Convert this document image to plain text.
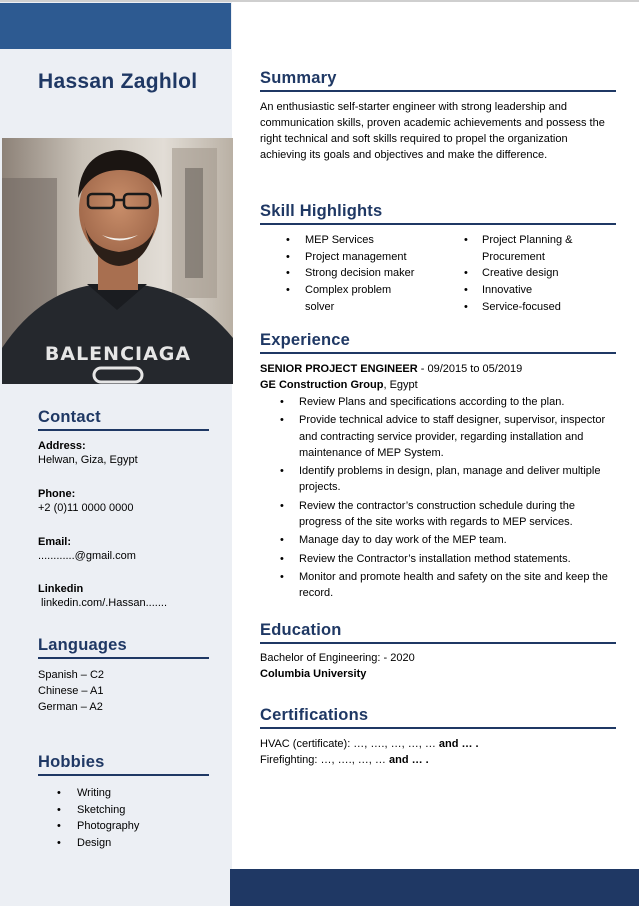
Hassan Zaghlol
BALENCIAGA
Contact
Address:
Helwan, Giza, Egypt
Phone:
+2 (0)11 0000 0000
Email:
............@gmail.com
Linkedin
linkedin.com/.Hassan.......
Languages
Spanish – C2
Chinese – A1
German – A2
Hobbies
• Writing
• Sketching
• Photography
• Design
Summary
An enthusiastic self-starter engineer with strong leadership and communication skills, proven academic achievements and possess the right technical and soft skills required to propel the organization achieving its goals and objectives and make the difference.
Skill Highlights
• MEP Services
• Project management
• Strong decision maker
• Complex problem solver
• Project Planning & Procurement
• Creative design
• Innovative
• Service-focused
Experience
SENIOR PROJECT ENGINEER - 09/2015 to 05/2019
GE Construction Group, Egypt
• Review Plans and specifications according to the plan.
• Provide technical advice to staff designer, supervisor, inspector and contracting service provider, regarding installation and maintenance of MEP System.
• Identify problems in design, plan, manage and deliver multiple projects.
• Review the contractor’s construction schedule during the progress of the site works with regards to MEP services.
• Manage day to day work of the MEP team.
• Review the Contractor’s installation method statements.
• Monitor and promote health and safety on the site and keep the record.
Education
Bachelor of Engineering: - 2020
Columbia University
Certifications
HVAC (certificate): …, …., …, …, … and … .
Firefighting: …, …., …, … and … .
